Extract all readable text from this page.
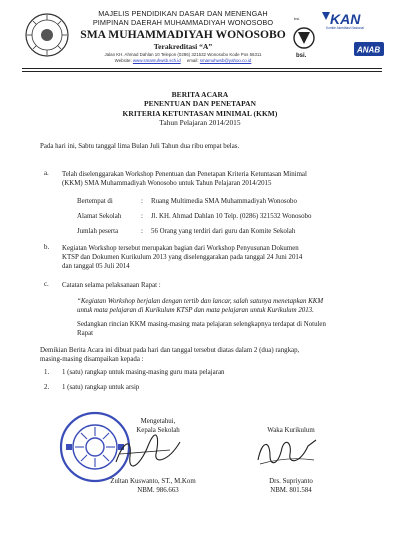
MAJELIS PENDIDIKAN DASAR DAN MENENGAH
PIMPINAN DAERAH MUHAMMADIYAH WONOSOBO
SMA MUHAMMADIYAH WONOSOBO
Terakreditasi “A”
Jalan KH. Ahmad Dahlan 10 Telepon (0286) 321532 Wonosobo Kode Pos 56311
Website: www.smamuhwsb.sch.id email: smamuhwsb@yahoo.co.id
bsi.
bsi.
KAN
Komite Akreditasi Nasional
ANAB
BERITA ACARA
PENENTUAN DAN PENETAPAN
KRITERIA KETUNTASAN MINIMAL (KKM)
Tahun Pelajaran 2014/2015

Pada hari ini, Sabtu tanggal lima Bulan Juli Tahun dua ribu empat belas.

a. Telah diselenggarakan Workshop Penentuan dan Penetapan Kriteria Ketuntasan Minimal
(KKM) SMA Muhammadiyah Wonosobo untuk Tahun Pelajaran 2014/2015
Bertempat di	: Ruang Multimedia SMA Muhammadiyah Wonosobo
Alamat Sekolah	: Jl. KH. Ahmad Dahlan 10 Telp. (0286) 321532 Wonosobo
Jumlah peserta	: 56 Orang yang terdiri dari guru dan Komite Sekolah
b. Kegiatan Workshop tersebut merupakan bagian dari Workshop Penyusunan Dokumen
KTSP dan Dokumen Kurikulum 2013 yang diselenggarakan pada tanggal 24 Juni 2014
dan tanggal 05 Juli 2014
c. Catatan selama pelaksanaan Rapat :
“Kegiatan Workshop berjalan dengan tertib dan lancar, salah satunya menetapkan KKM
untuk mata pelajaran di Kurikulum KTSP dan mata pelajaran untuk Kurikulum 2013.
Sedangkan rincian KKM masing-masing mata pelajaran selengkapnya terdapat di Notulen
Rapat
Demikian Berita Acara ini dibuat pada hari dan tanggal tersebut diatas dalam 2 (dua) rangkap,
masing-masing disampaikan kepada :
1. 1 (satu) rangkap untuk masing-masing guru mata pelajaran
2. 1 (satu) rangkap untuk arsip
Mengetahui,
Kepala Sekolah
Zultan Kuswanto, ST., M.Kom
NBM. 986.663
Waka Kurikulum
Drs. Supriyanto
NBM. 801.584
